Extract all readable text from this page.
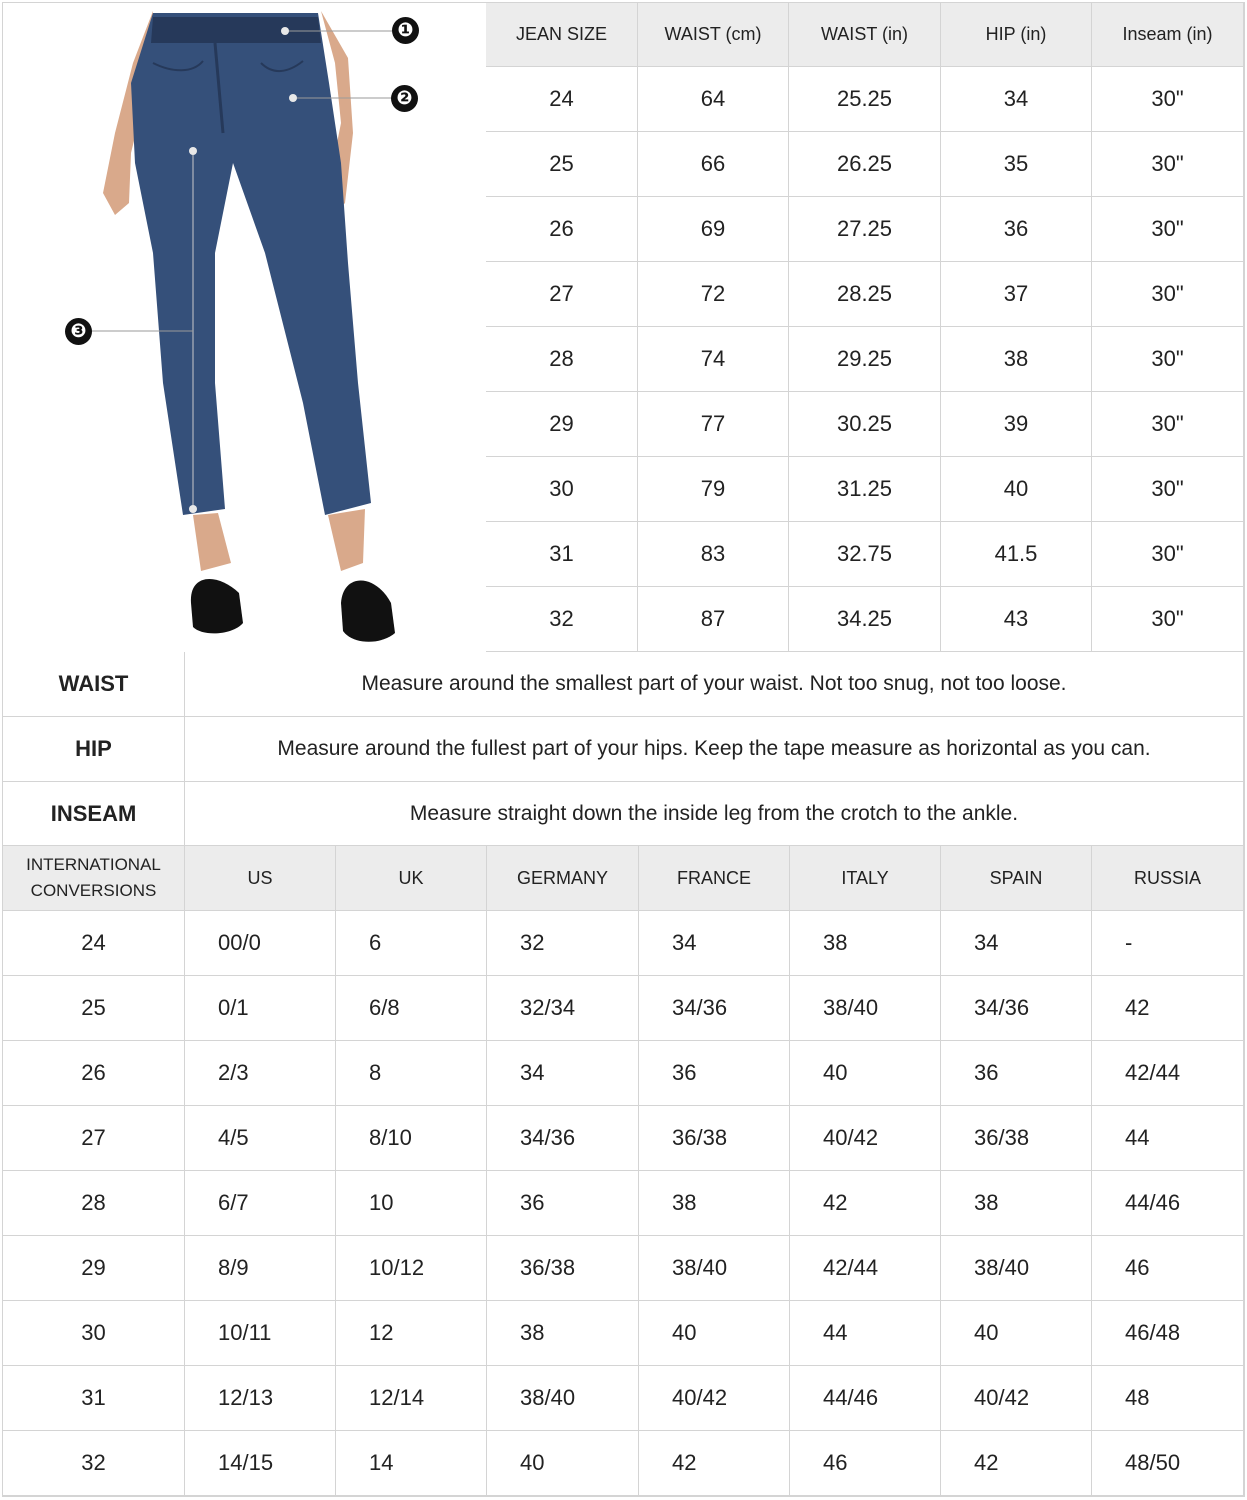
❶
❷
❸
JEAN SIZE	WAIST (cm)	WAIST (in)	HIP (in)	Inseam (in)
24	64	25.25	34	30"
25	66	26.25	35	30"
26	69	27.25	36	30"
27	72	28.25	37	30"
28	74	29.25	38	30"
29	77	30.25	39	30"
30	79	31.25	40	30"
31	83	32.75	41.5	30"
32	87	34.25	43	30"
WAIST	Measure around the smallest part of your waist. Not too snug, not too loose.
HIP	Measure around the fullest part of your hips. Keep the tape measure as horizontal as you can.
INSEAM	Measure straight down the inside leg from the crotch to the ankle.
INTERNATIONAL
CONVERSIONS
US	UK	GERMANY	FRANCE	ITALY	SPAIN	RUSSIA
24	00/0	6	32	34	38	34	-
25	0/1	6/8	32/34	34/36	38/40	34/36	42
26	2/3	8	34	36	40	36	42/44
27	4/5	8/10	34/36	36/38	40/42	36/38	44
28	6/7	10	36	38	42	38	44/46
29	8/9	10/12	36/38	38/40	42/44	38/40	46
30	10/11	12	38	40	44	40	46/48
31	12/13	12/14	38/40	40/42	44/46	40/42	48
32	14/15	14	40	42	46	42	48/50
